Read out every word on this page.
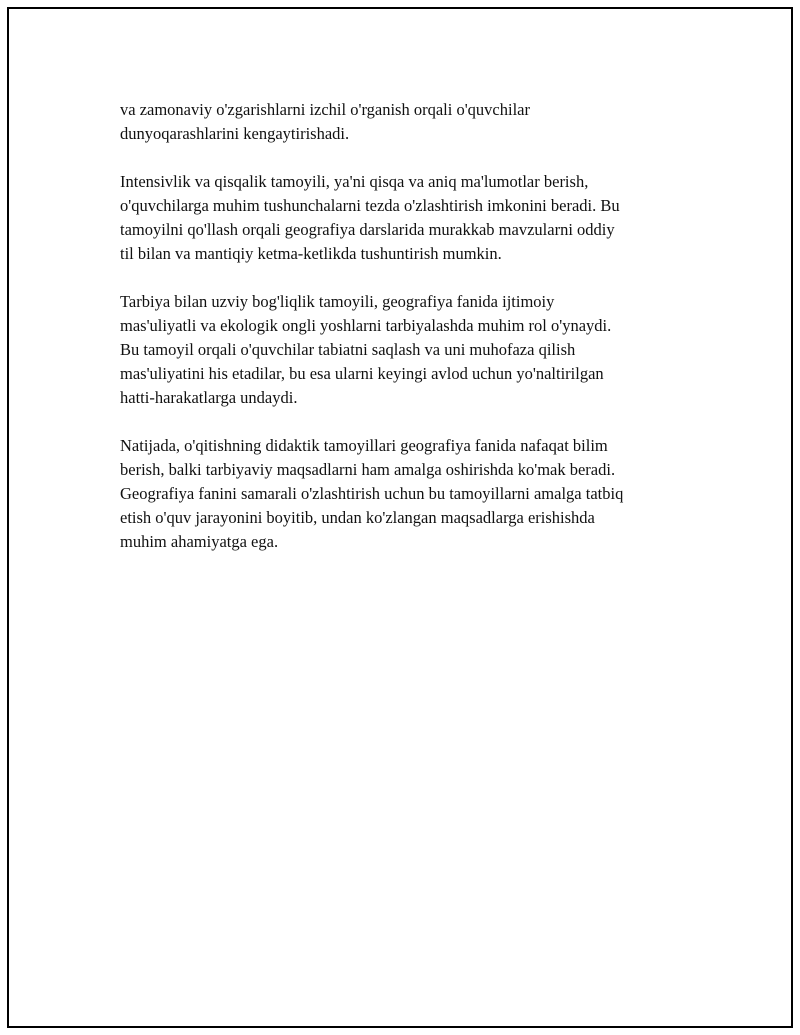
va zamonaviy o'zgarishlarni izchil o'rganish orqali o'quvchilar
dunyoqarashlarini kengaytirishadi.

Intensivlik va qisqalik tamoyili, ya'ni qisqa va aniq ma'lumotlar berish,
o'quvchilarga muhim tushunchalarni tezda o'zlashtirish imkonini beradi. Bu
tamoyilni qo'llash orqali geografiya darslarida murakkab mavzularni oddiy
til bilan va mantiqiy ketma-ketlikda tushuntirish mumkin.

Tarbiya bilan uzviy bog'liqlik tamoyili, geografiya fanida ijtimoiy
mas'uliyatli va ekologik ongli yoshlarni tarbiyalashda muhim rol o'ynaydi.
Bu tamoyil orqali o'quvchilar tabiatni saqlash va uni muhofaza qilish
mas'uliyatini his etadilar, bu esa ularni keyingi avlod uchun yo'naltirilgan
hatti-harakatlarga undaydi.

Natijada, o'qitishning didaktik tamoyillari geografiya fanida nafaqat bilim
berish, balki tarbiyaviy maqsadlarni ham amalga oshirishda ko'mak beradi.
Geografiya fanini samarali o'zlashtirish uchun bu tamoyillarni amalga tatbiq
etish o'quv jarayonini boyitib, undan ko'zlangan maqsadlarga erishishda
muhim ahamiyatga ega.
